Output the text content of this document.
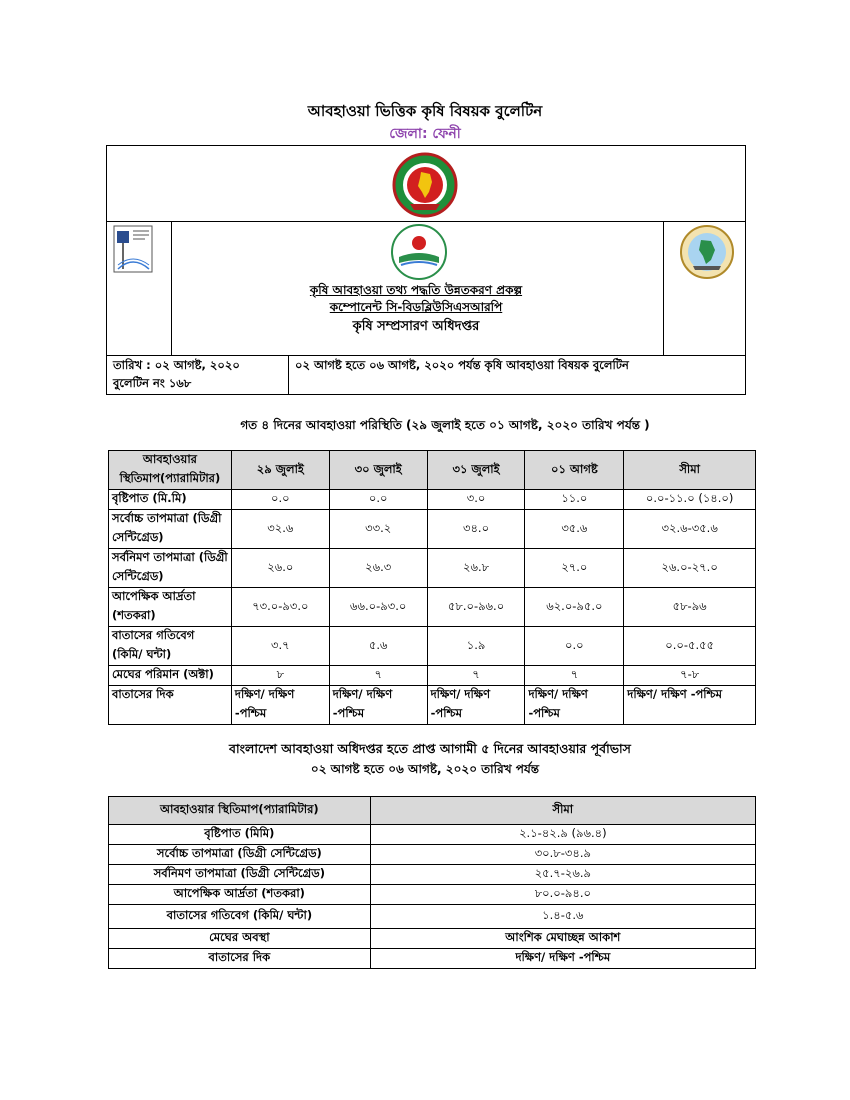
আবহাওয়া ভিত্তিক কৃষি বিষয়ক বুলেটিন
জেলা: ফেনী
কৃষি আবহাওয়া তথ্য পদ্ধতি উন্নতকরণ প্রকল্প
কম্পোনেন্ট সি-বিডব্লিউসিএসআরপি
কৃষি সম্প্রসারণ অধিদপ্তর
তারিখ : ০২ আগষ্ট, ২০২০
বুলেটিন নং ১৬৮
০২ আগষ্ট হতে ০৬ আগষ্ট, ২০২০ পর্যন্ত কৃষি আবহাওয়া বিষয়ক বুলেটিন
গত ৪ দিনের আবহাওয়া পরিস্থিতি (২৯ জুলাই হতে ০১ আগষ্ট, ২০২০ তারিখ পর্যন্ত )
আবহাওয়ার স্থিতিমাপ(প্যারামিটার)	২৯ জুলাই	৩০ জুলাই	৩১ জুলাই	০১ আগষ্ট	সীমা
বৃষ্টিপাত (মি.মি)	০.০	০.০	৩.০	১১.০	০.০-১১.০ (১৪.০)
সর্বোচ্চ তাপমাত্রা (ডিগ্রী সেন্টিগ্রেড)	৩২.৬	৩৩.২	৩৪.০	৩৫.৬	৩২.৬-৩৫.৬
সর্বনিমণ তাপমাত্রা (ডিগ্রী সেন্টিগ্রেড)	২৬.০	২৬.৩	২৬.৮	২৭.০	২৬.০-২৭.০
আপেক্ষিক আর্দ্রতা (শতকরা)	৭৩.০-৯৩.০	৬৬.০-৯৩.০	৫৮.০-৯৬.০	৬২.০-৯৫.০	৫৮-৯৬
বাতাসের গতিবেগ (কিমি/ ঘন্টা)	৩.৭	৫.৬	১.৯	০.০	০.০-৫.৫৫
মেঘের পরিমান (অক্টা)	৮	৭	৭	৭	৭-৮
বাতাসের দিক	দক্ষিণ/ দক্ষিণ -পশ্চিম	দক্ষিণ/ দক্ষিণ -পশ্চিম	দক্ষিণ/ দক্ষিণ -পশ্চিম	দক্ষিণ/ দক্ষিণ -পশ্চিম	দক্ষিণ/ দক্ষিণ -পশ্চিম
বাংলাদেশ আবহাওয়া অধিদপ্তর হতে প্রাপ্ত আগামী ৫ দিনের আবহাওয়ার পূর্বাভাস
০২ আগষ্ট হতে ০৬ আগষ্ট, ২০২০ তারিখ পর্যন্ত
আবহাওয়ার স্থিতিমাপ(প্যারামিটার)	সীমা
বৃষ্টিপাত (মিমি)	২.১-৪২.৯ (৯৬.৪)
সর্বোচ্চ তাপমাত্রা (ডিগ্রী সেন্টিগ্রেড)	৩০.৮-৩৪.৯
সর্বনিমণ তাপমাত্রা (ডিগ্রী সেন্টিগ্রেড)	২৫.৭-২৬.৯
আপেক্ষিক আর্দ্রতা (শতকরা)	৮০.০-৯৪.০
বাতাসের গতিবেগ (কিমি/ ঘন্টা)	১.৪-৫.৬
মেঘের অবস্থা	আংশিক মেঘাচ্ছন্ন আকাশ
বাতাসের দিক	দক্ষিণ/ দক্ষিণ -পশ্চিম
